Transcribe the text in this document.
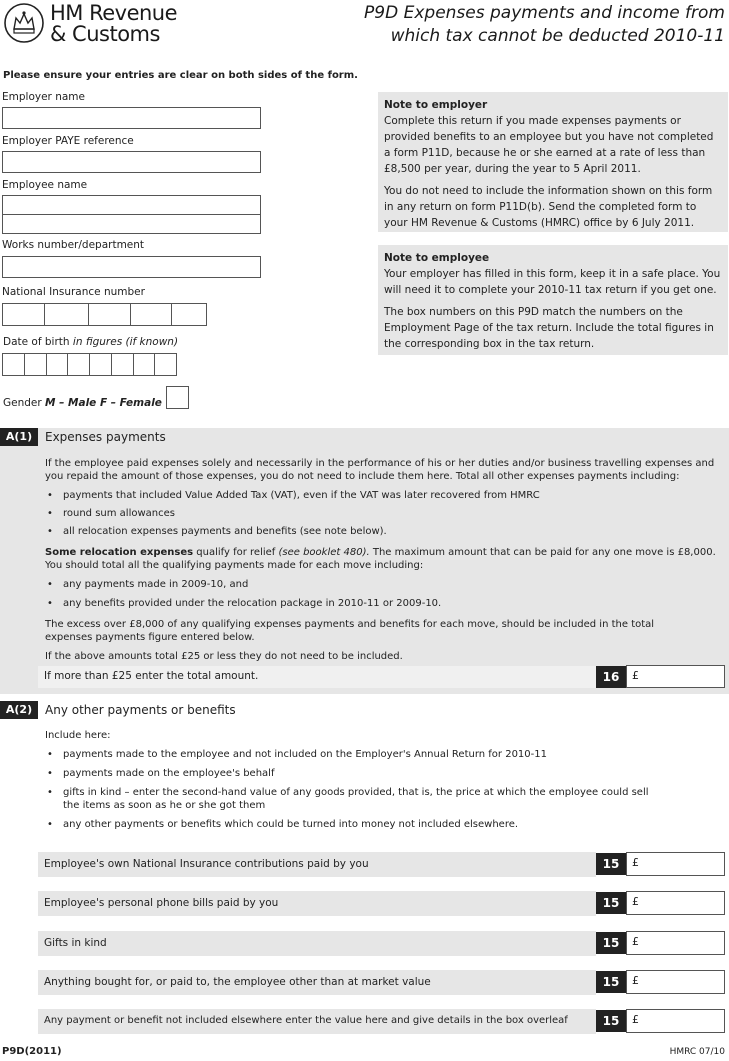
HM Revenue
& Customs
P9D Expenses payments and income from
which tax cannot be deducted 2010-11
Please ensure your entries are clear on both sides of the form.
Employer name
Employer PAYE reference
Employee name
Works number/department
National Insurance number
Date of birth in figures (if known)
Gender M – Male F – Female
Note to employer

Complete this return if you made expenses payments or provided benefits to an employee but you have not completed a form P11D, because he or she earned at a rate of less than £8,500 per year, during the year to 5 April 2011.

You do not need to include the information shown on this form in any return on form P11D(b). Send the completed form to your HM Revenue & Customs (HMRC) office by 6 July 2011.

Note to employee

Your employer has filled in this form, keep it in a safe place. You will need it to complete your 2010-11 tax return if you get one.

The box numbers on this P9D match the numbers on the Employment Page of the tax return. Include the total figures in the corresponding box in the tax return.

A(1)	Expenses payments
If the employee paid expenses solely and necessarily in the performance of his or her duties and/or business travelling expenses and you repaid the amount of those expenses, you do not need to include them here. Total all other expenses payments including:
• payments that included Value Added Tax (VAT), even if the VAT was later recovered from HMRC
• round sum allowances
• all relocation expenses payments and benefits (see note below).
Some relocation expenses qualify for relief (see booklet 480). The maximum amount that can be paid for any one move is £8,000. You should total all the qualifying payments made for each move including:
• any payments made in 2009-10, and
• any benefits provided under the relocation package in 2010-11 or 2009-10.
The excess over £8,000 of any qualifying expenses payments and benefits for each move, should be included in the total expenses payments figure entered below.
If the above amounts total £25 or less they do not need to be included.
If more than £25 enter the total amount.	16	£
A(2)	Any other payments or benefits
Include here:
• payments made to the employee and not included on the Employer's Annual Return for 2010-11
• payments made on the employee's behalf
• gifts in kind – enter the second-hand value of any goods provided, that is, the price at which the employee could sell the items as soon as he or she got them
• any other payments or benefits which could be turned into money not included elsewhere.
Employee's own National Insurance contributions paid by you	15	£
Employee's personal phone bills paid by you	15	£
Gifts in kind	15	£
Anything bought for, or paid to, the employee other than at market value	15	£
Any payment or benefit not included elsewhere enter the value here and give details in the box overleaf	15	£
P9D(2011)	HMRC 07/10
